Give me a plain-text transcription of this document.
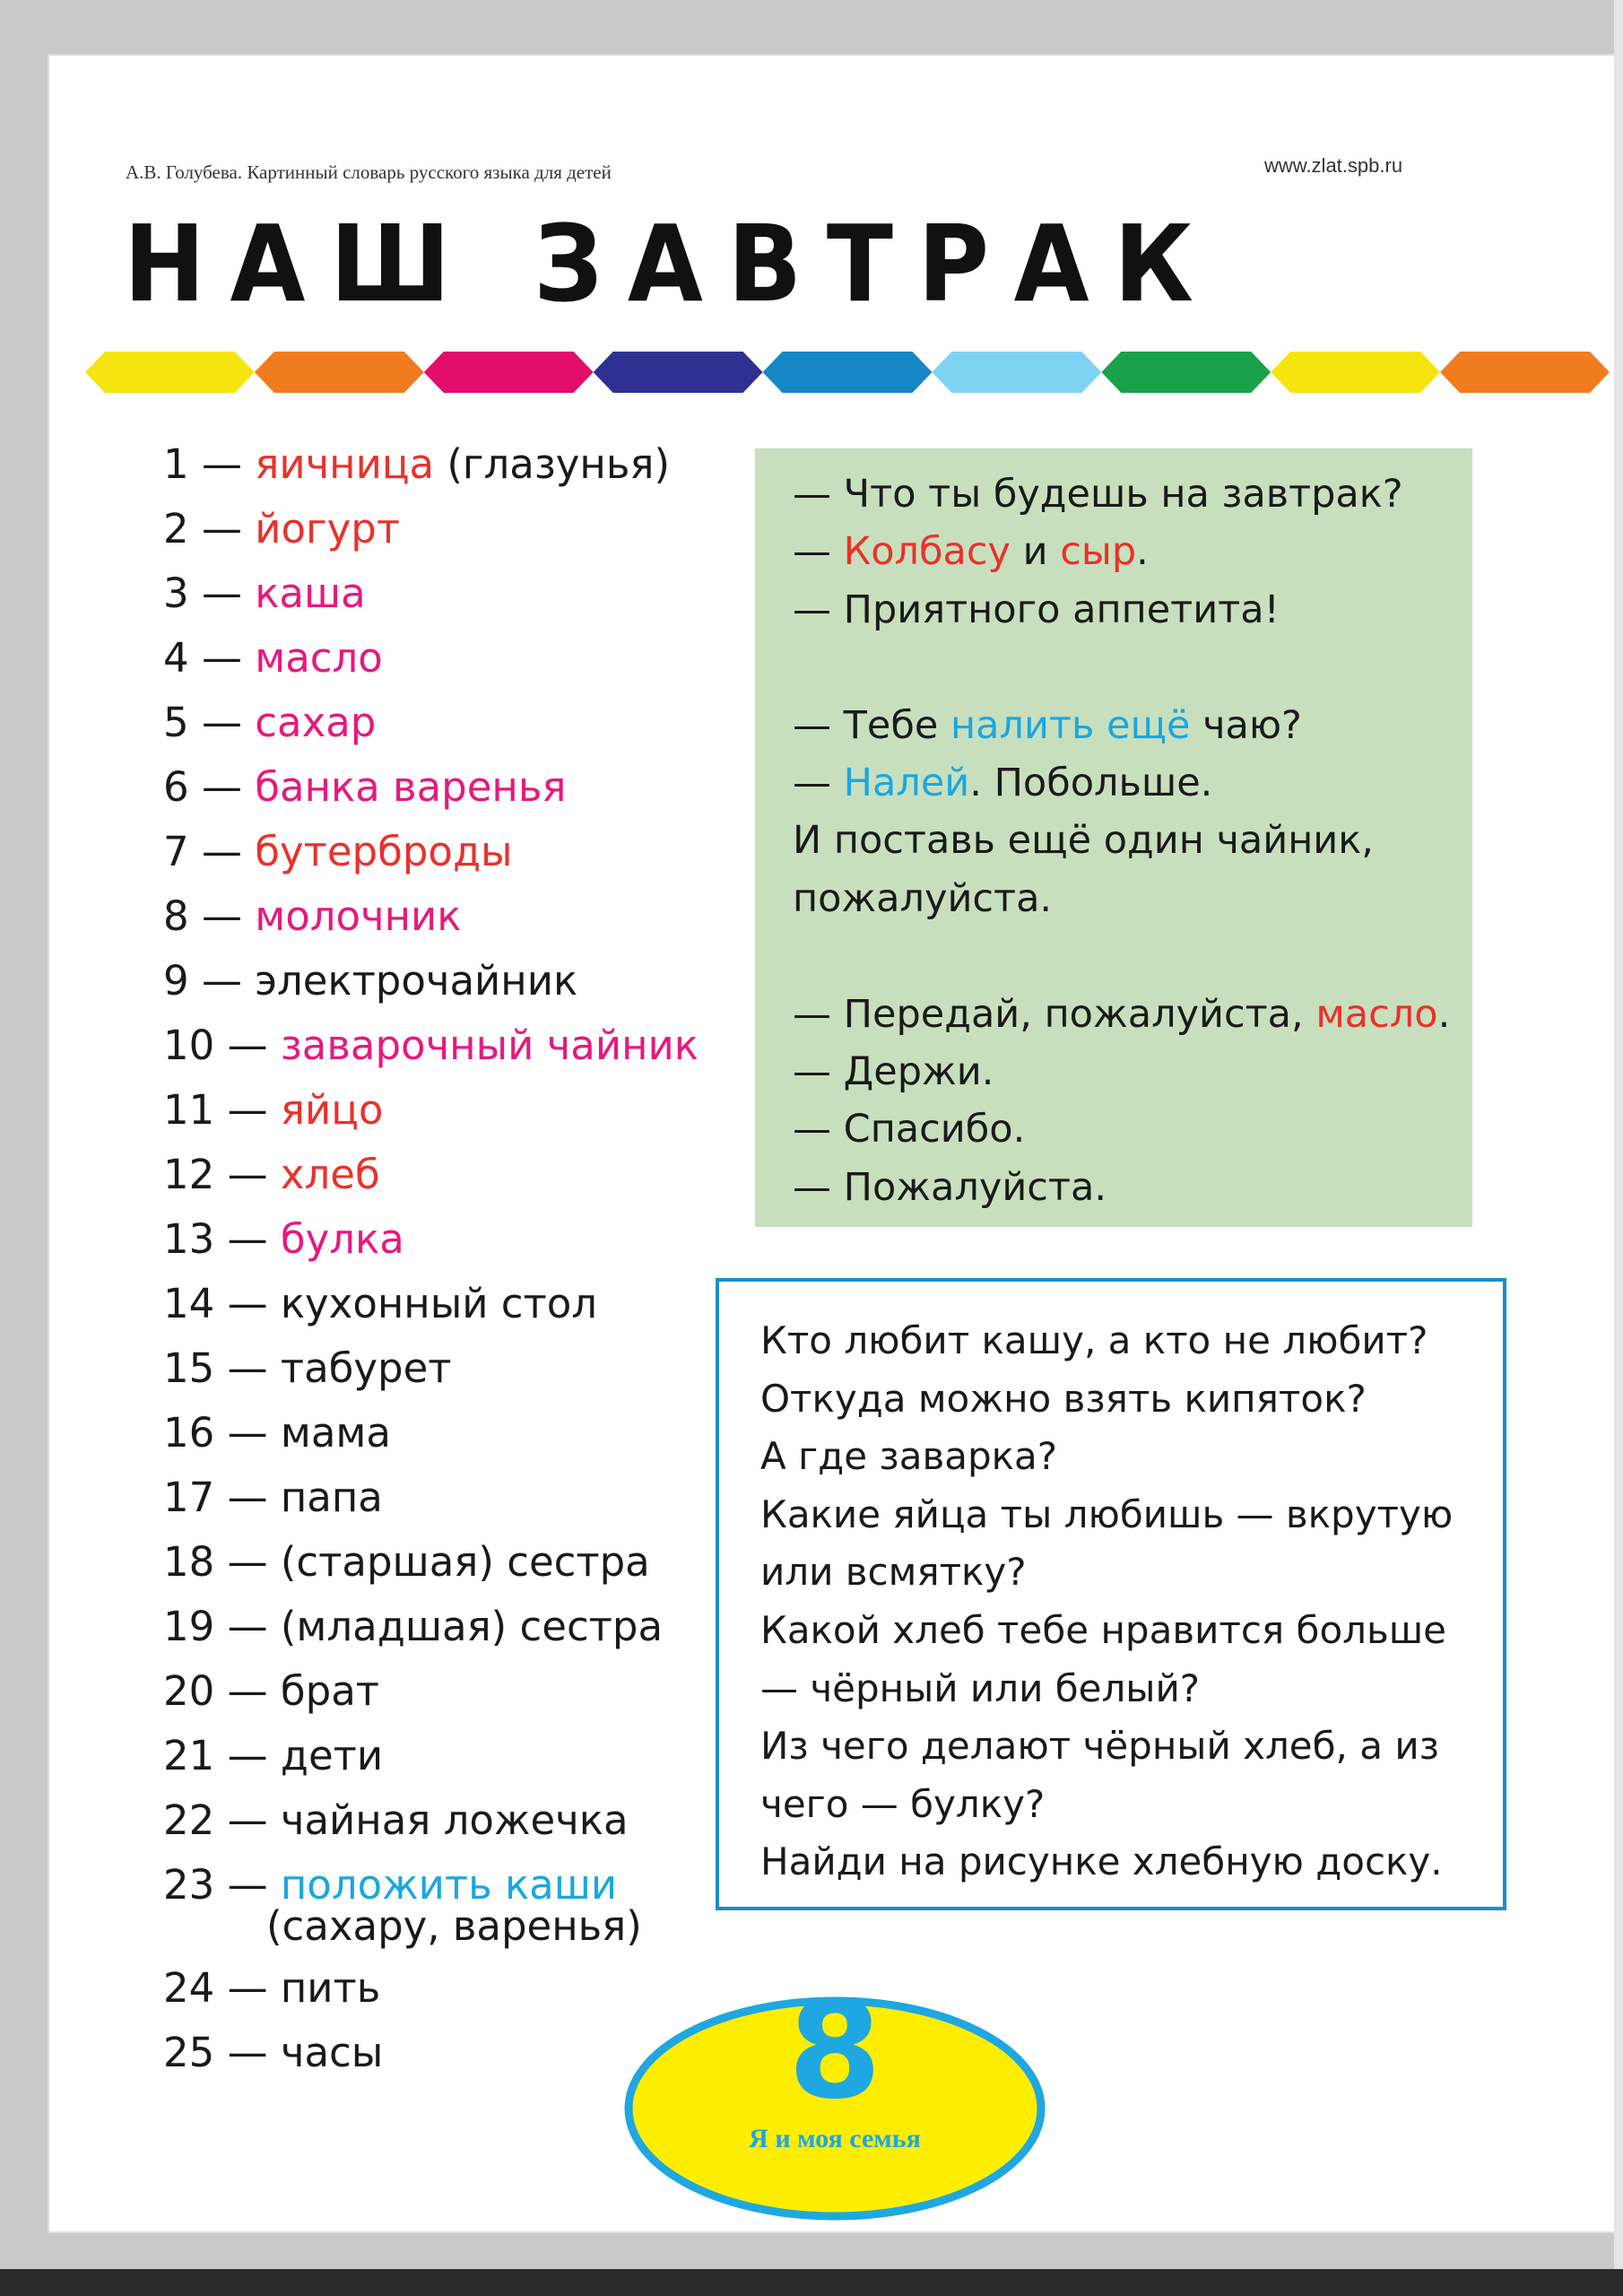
А.В. Голубева. Картинный словарь русского языка для детей	www.zlat.spb.ru
НАШ ЗАВТРАК
1 — яичница (глазунья)
2 — йогурт
3 — каша
4 — масло
5 — сахар
6 — банка варенья
7 — бутерброды
8 — молочник
9 — электрочайник
10 — заварочный чайник
11 — яйцо
12 — хлеб
13 — булка
14 — кухонный стол
15 — табурет
16 — мама
17 — папа
18 — (старшая) сестра
19 — (младшая) сестра
20 — брат
21 — дети
22 — чайная ложечка
23 — положить каши
(сахару, варенья)
24 — пить
25 — часы
— Что ты будешь на завтрак?
— Колбасу и сыр.
— Приятного аппетита!
— Тебе налить ещё чаю?
— Налей. Побольше.
И поставь ещё один чайник,
пожалуйста.
— Передай, пожалуйста, масло.
— Держи.
— Спасибо.
— Пожалуйста.
Кто любит кашу, а кто не любит?
Откуда можно взять кипяток?
А где заварка?
Какие яйца ты любишь — вкрутую
или всмятку?
Какой хлеб тебе нравится больше
— чёрный или белый?
Из чего делают чёрный хлеб, а из
чего — булку?
Найди на рисунке хлебную доску.
8
Я и моя семья
